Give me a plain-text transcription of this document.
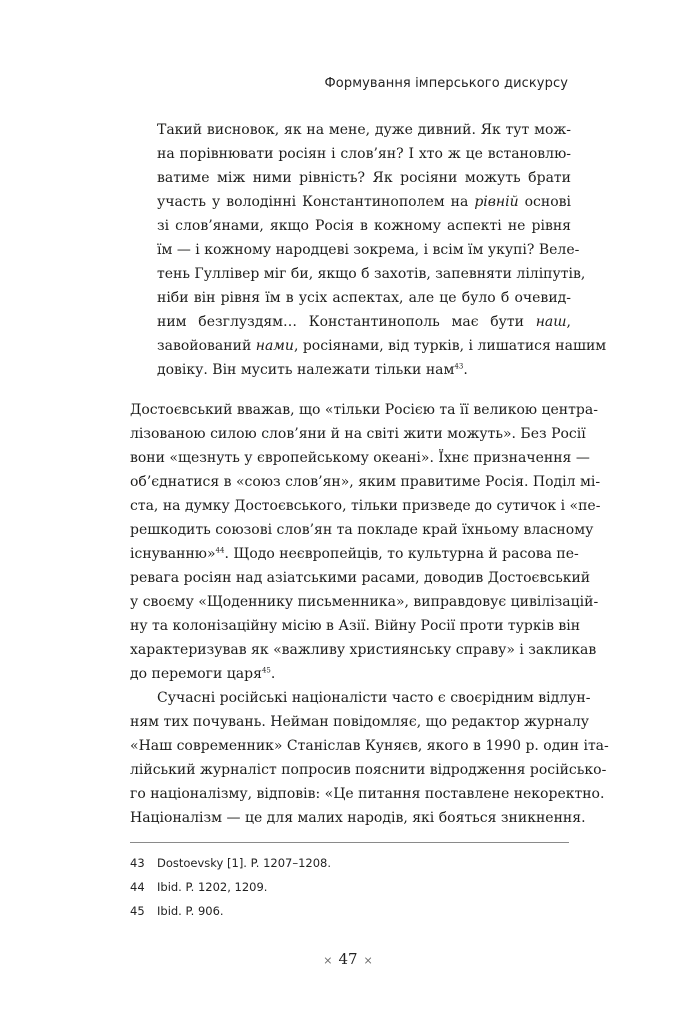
Формування імперського дискурсу
Такий висновок, як на мене, дуже дивний. Як тут мож-
на порівнювати росіян і слов’ян? І хто ж це встановлю-
ватиме між ними рівність? Як росіяни можуть брати
участь у володінні Константинополем на рівній основі
зі слов’янами, якщо Росія в кожному аспекті не рівня
їм — і кожному народцеві зокрема, і всім їм укупі? Веле-
тень Гуллівер міг би, якщо б захотів, запевняти ліліпутів,
ніби він рівня їм в усіх аспектах, але це було б очевид-
ним безглуздям… Константинополь має бути наш,
завойований нами, росіянами, від турків, і лишатися нашим
довіку. Він мусить належати тільки нам$^{43}$.
Достоєвський вважав, що «тільки Росією та її великою центра-
лізованою силою слов’яни й на світі жити можуть». Без Росії
вони «щезнуть у європейському океані». Їхнє призначення —
об’єднатися в «союз слов’ян», яким правитиме Росія. Поділ мі-
ста, на думку Достоєвського, тільки призведе до сутичок і «пе-
решкодить союзові слов’ян та покладе край їхньому власному
існуванню»$^{44}$. Щодо неєвропейців, то культурна й расова пе-
ревага росіян над азіатськими расами, доводив Достоєвський
у своєму «Щоденнику письменника», виправдовує цивілізацій-
ну та колонізаційну місію в Азії. Війну Росії проти турків він
характеризував як «важливу християнську справу» і закликав
до перемоги царя$^{45}$.
Сучасні російські націоналісти часто є своєрідним відлун-
ням тих почувань. Нейман повідомляє, що редактор журналу
«Наш современник» Станіслав Куняєв, якого в 1990 р. один іта-
лійський журналіст попросив пояснити відродження російсько-
го націоналізму, відповів: «Це питання поставлене некоректно.
Націоналізм — це для малих народів, які бояться зникнення.
43 Dostoevsky [1]. P. 1207–1208.
44 Ibid. P. 1202, 1209.
45 Ibid. P. 906.
× 47 ×
